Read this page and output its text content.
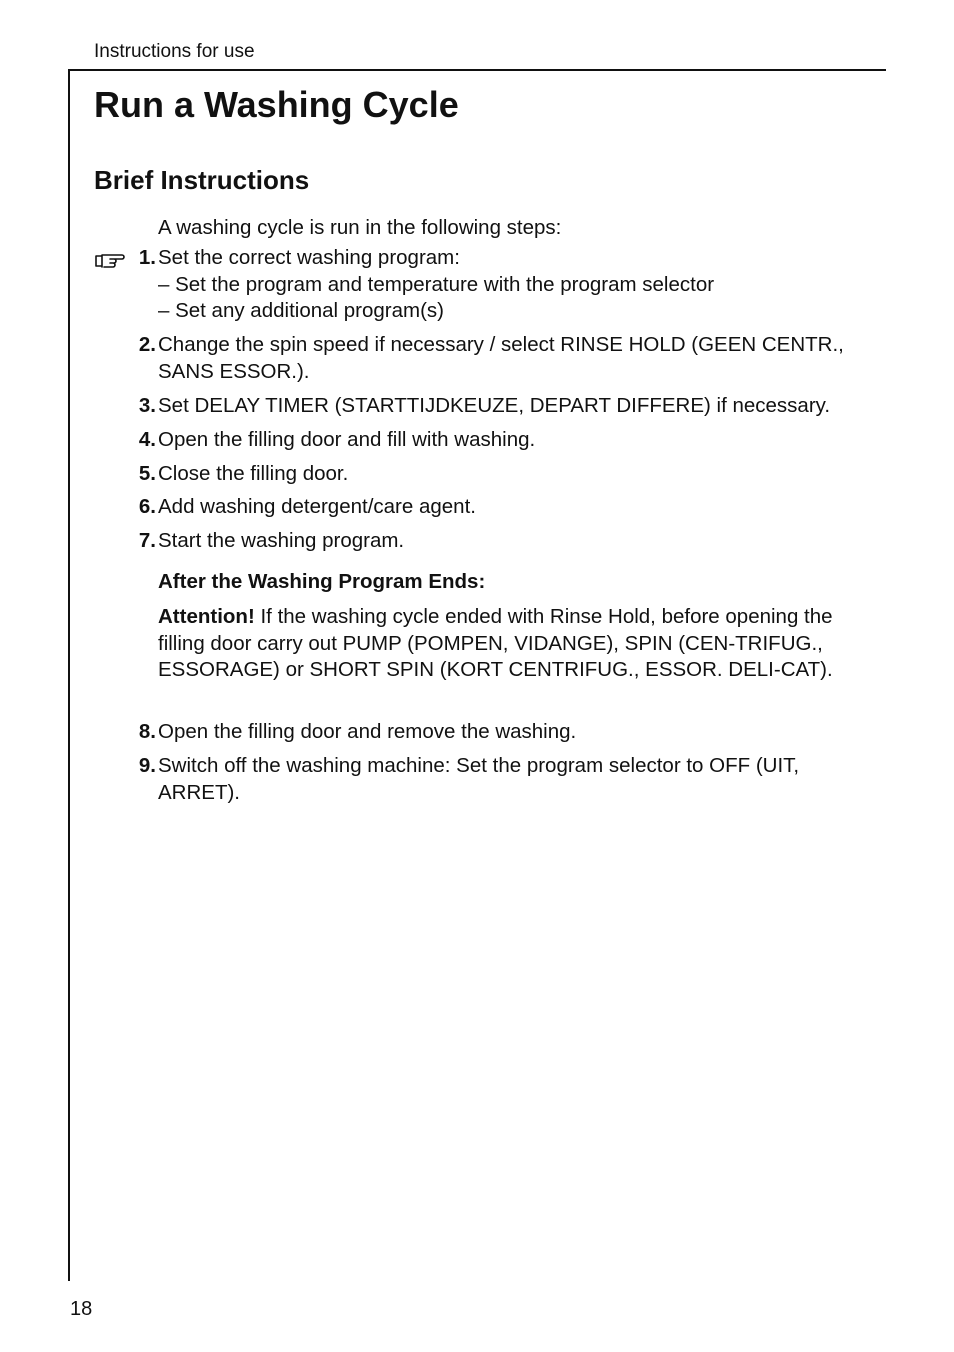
Instructions for use
Run a Washing Cycle
Brief Instructions
A washing cycle is run in the following steps:
1. Set the correct washing program:
– Set the program and temperature with the program selector
– Set any additional program(s)
2. Change the spin speed if necessary / select RINSE HOLD (GEEN CENTR., SANS ESSOR.).
3. Set DELAY TIMER (STARTTIJDKEUZE, DEPART DIFFERE) if necessary.
4. Open the filling door and fill with washing.
5. Close the filling door.
6. Add washing detergent/care agent.
7. Start the washing program.
After the Washing Program Ends:
Attention! If the washing cycle ended with Rinse Hold, before opening the filling door carry out PUMP (POMPEN, VIDANGE), SPIN (CEN-TRIFUG., ESSORAGE) or SHORT SPIN (KORT CENTRIFUG., ESSOR. DELI-CAT).
8. Open the filling door and remove the washing.
9. Switch off the washing machine: Set the program selector to OFF (UIT, ARRET).
18
